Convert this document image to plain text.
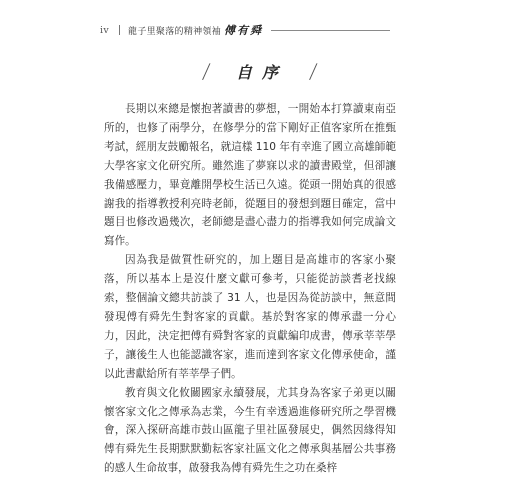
iv 龍子里聚落的精神領袖 傅有舜
/ 自序 /

長期以來總是懷抱著讀書的夢想，一開始本打算讀東南亞所的，也修了兩學分，在修學分的當下剛好正值客家所在推甄考試，經朋友鼓勵報名，就這樣 110 年有幸進了國立高雄師範大學客家文化研究所。雖然進了夢寐以求的讀書殿堂，但卻讓我備感壓力，畢竟離開學校生活已久遠。從頭一開始真的很感謝我的指導教授利亮時老師，從題目的發想到題目確定，當中題目也修改過幾次，老師總是盡心盡力的指導我如何完成論文寫作。

因為我是做質性研究的，加上題目是高雄市的客家小聚落，所以基本上是沒什麼文獻可參考，只能從訪談耆老找線索，整個論文總共訪談了 31 人，也是因為從訪談中，無意間發現傅有舜先生對客家的貢獻。基於對客家的傳承盡一分心力，因此，決定把傅有舜對客家的貢獻編印成書，傳承莘莘學子，讓後生人也能認識客家，進而達到客家文化傳承使命，謹以此書獻給所有莘莘學子們。

教育與文化攸關國家永續發展，尤其身為客家子弟更以關懷客家文化之傳承為志業，今生有幸透過進修研究所之學習機會，深入探研高雄市鼓山區龍子里社區發展史，偶然因緣得知傅有舜先生長期默默勤耘客家社區文化之傳承與基層公共事務的感人生命故事，啟發我為傅有舜先生之功在桑梓
